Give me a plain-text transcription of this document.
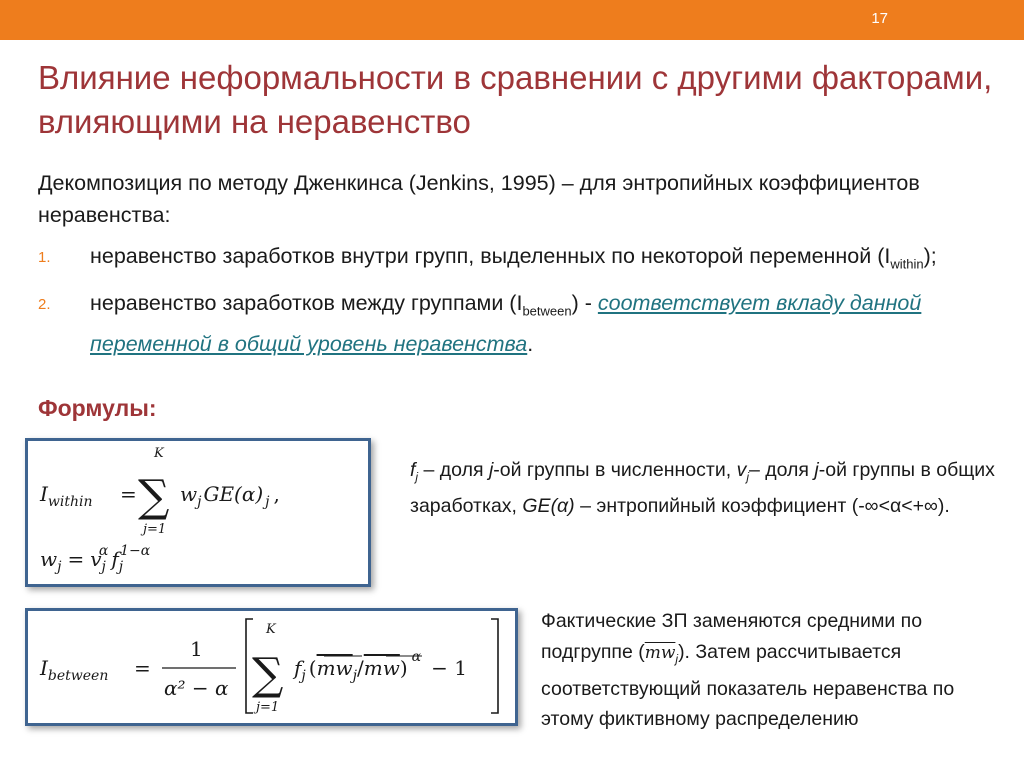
17
Влияние неформальности в сравнении с другими факторами, влияющими на неравенство
Декомпозиция по методу Дженкинса (Jenkins, 1995) – для энтропийных коэффициентов неравенства:
1. неравенство заработков внутри групп, выделенных по некоторой переменной $(I_{within})$;
2. неравенство заработков между группами $(I_{between})$ - соответствует вкладу данной переменной в общий уровень неравенства.
Формулы:
$I_{within}$ =
K
∑
j=1
$w_j$ GE(α) $_j$ ,
$w_j = v_j\alpha$ $f_j1-\alpha$
$I_{between}$ =
1
α² − α
K
∑
j=1
$f_j$ $(mw_j/mw) ^\alpha - 1$
$f_j$ – доля j-ой группы в численности, $v_j-$ доля j-ой группы в общих заработках, GE(α) – энтропийный коэффициент (-∞<α<+∞).
Фактические ЗП заменяются средними по подгруппе $(\overline{mw}_j)$. Затем рассчитывается соответствующий показатель неравенства по этому фиктивному распределению
